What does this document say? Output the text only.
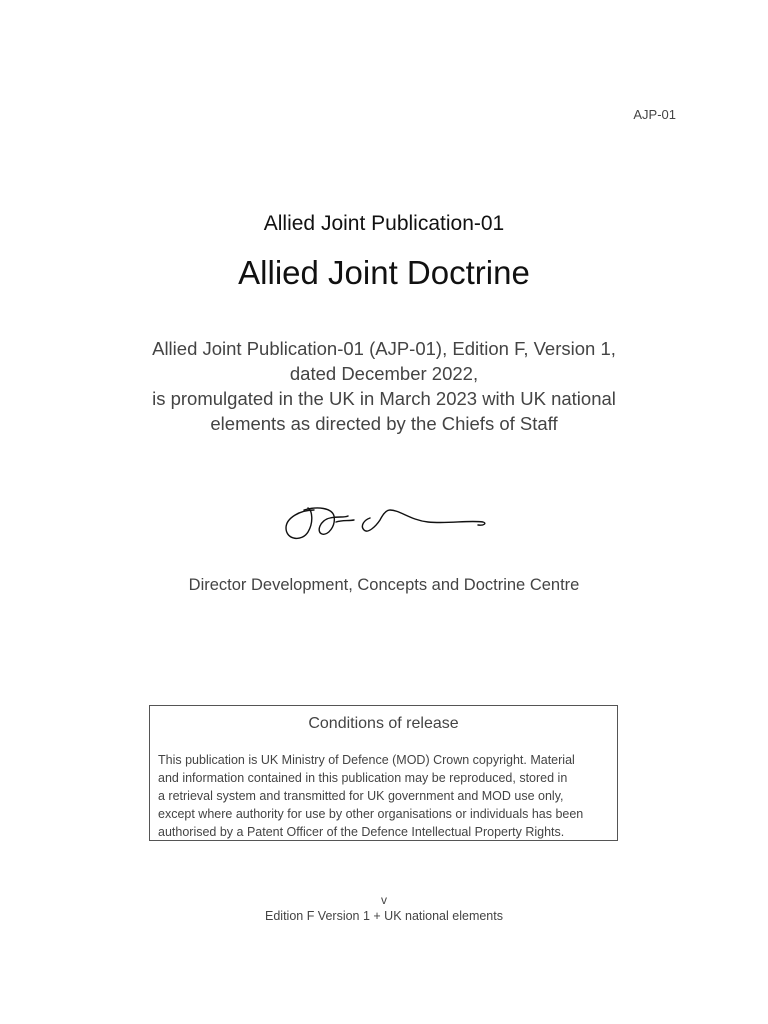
AJP-01
Allied Joint Publication-01
Allied Joint Doctrine
Allied Joint Publication-01 (AJP-01), Edition F, Version 1,
dated December 2022,
is promulgated in the UK in March 2023 with UK national
elements as directed by the Chiefs of Staff
Director Development, Concepts and Doctrine Centre
Conditions of release
This publication is UK Ministry of Defence (MOD) Crown copyright. Material
and information contained in this publication may be reproduced, stored in
a retrieval system and transmitted for UK government and MOD use only,
except where authority for use by other organisations or individuals has been
authorised by a Patent Officer of the Defence Intellectual Property Rights.
v
Edition F Version 1 + UK national elements
